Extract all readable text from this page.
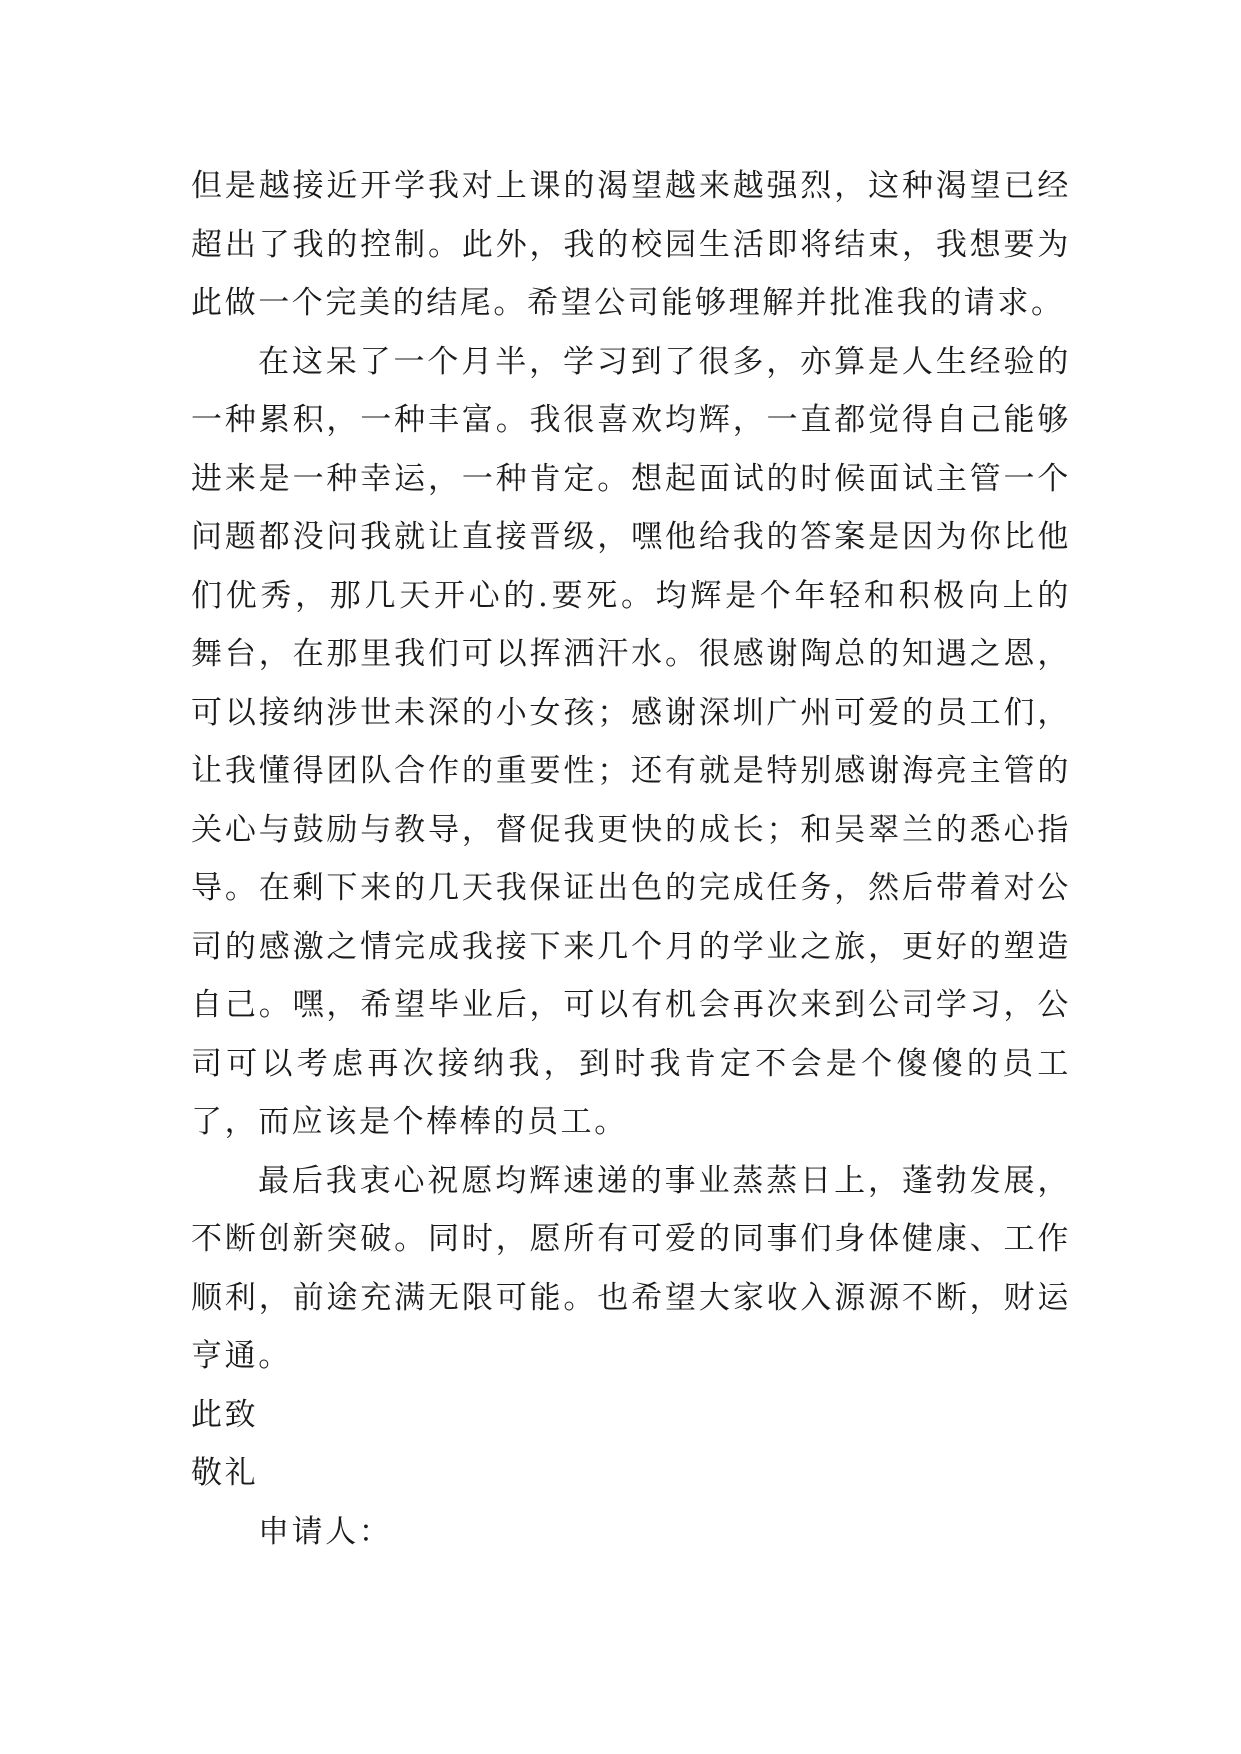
但是越接近开学我对上课的渴望越来越强烈，这种渴望已经超出了我的控制。此外，我的校园生活即将结束，我想要为此做一个完美的结尾。希望公司能够理解并批准我的请求。

在这呆了一个月半，学习到了很多，亦算是人生经验的一种累积，一种丰富。我很喜欢均辉，一直都觉得自己能够进来是一种幸运，一种肯定。想起面试的时候面试主管一个问题都没问我就让直接晋级，嘿他给我的答案是因为你比他们优秀，那几天开心的.要死。均辉是个年轻和积极向上的舞台，在那里我们可以挥洒汗水。很感谢陶总的知遇之恩，可以接纳涉世未深的小女孩；感谢深圳广州可爱的员工们，让我懂得团队合作的重要性；还有就是特别感谢海亮主管的关心与鼓励与教导，督促我更快的成长；和吴翠兰的悉心指导。在剩下来的几天我保证出色的完成任务，然后带着对公司的感激之情完成我接下来几个月的学业之旅，更好的塑造自己。嘿，希望毕业后，可以有机会再次来到公司学习，公司可以考虑再次接纳我，到时我肯定不会是个傻傻的员工了，而应该是个棒棒的员工。

最后我衷心祝愿均辉速递的事业蒸蒸日上，蓬勃发展，不断创新突破。同时，愿所有可爱的同事们身体健康、工作顺利，前途充满无限可能。也希望大家收入源源不断，财运亨通。

此致

敬礼

申请人：
